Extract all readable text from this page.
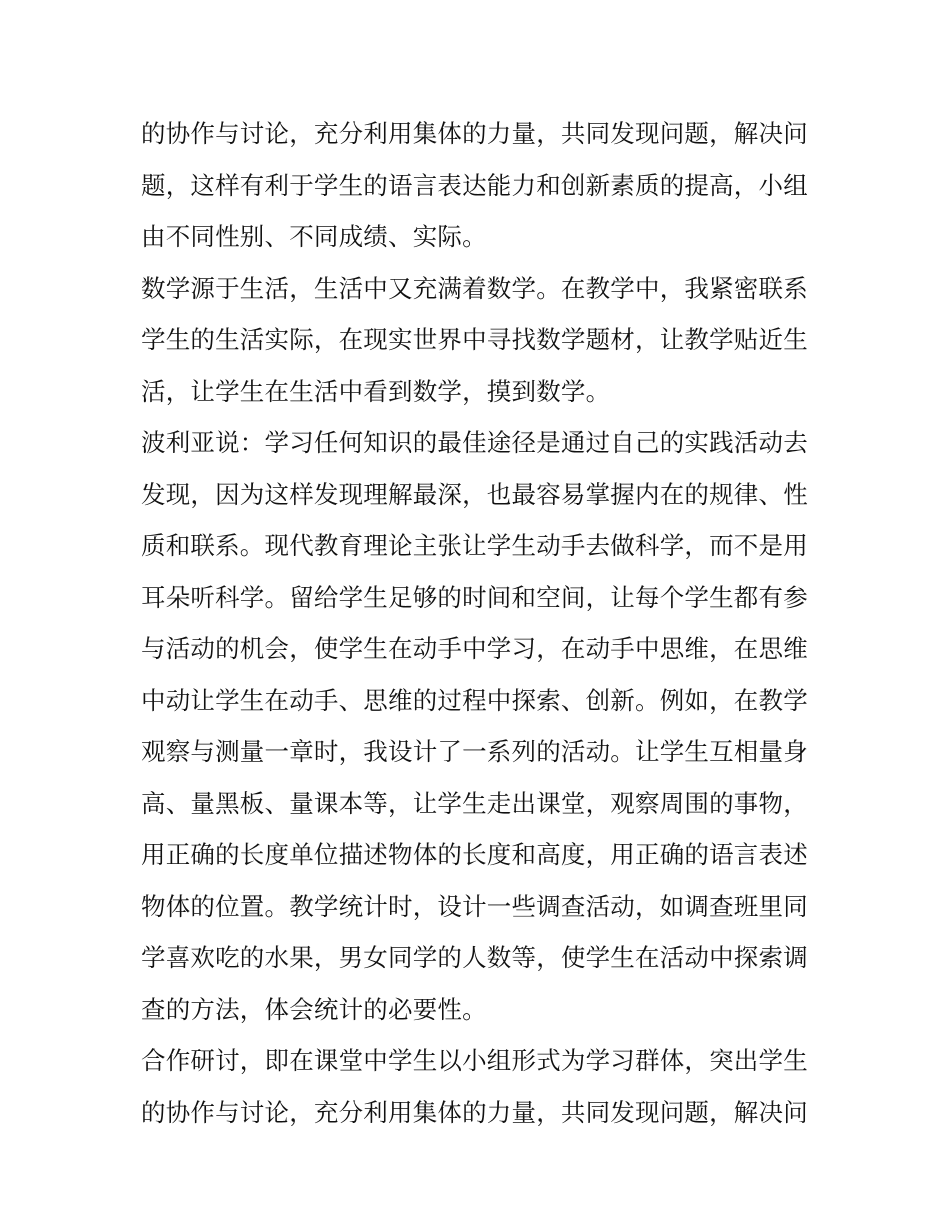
的协作与讨论，充分利用集体的力量，共同发现问题，解决问
题，这样有利于学生的语言表达能力和创新素质的提高，小组
由不同性别、不同成绩、实际。
数学源于生活，生活中又充满着数学。在教学中，我紧密联系
学生的生活实际，在现实世界中寻找数学题材，让教学贴近生
活，让学生在生活中看到数学，摸到数学。
波利亚说：学习任何知识的最佳途径是通过自己的实践活动去
发现，因为这样发现理解最深，也最容易掌握内在的规律、性
质和联系。现代教育理论主张让学生动手去做科学，而不是用
耳朵听科学。留给学生足够的时间和空间，让每个学生都有参
与活动的机会，使学生在动手中学习，在动手中思维，在思维
中动让学生在动手、思维的过程中探索、创新。例如，在教学
观察与测量一章时，我设计了一系列的活动。让学生互相量身
高、量黑板、量课本等，让学生走出课堂，观察周围的事物，
用正确的长度单位描述物体的长度和高度，用正确的语言表述
物体的位置。教学统计时，设计一些调查活动，如调查班里同
学喜欢吃的水果，男女同学的人数等，使学生在活动中探索调
查的方法，体会统计的必要性。
合作研讨，即在课堂中学生以小组形式为学习群体，突出学生
的协作与讨论，充分利用集体的力量，共同发现问题，解决问
